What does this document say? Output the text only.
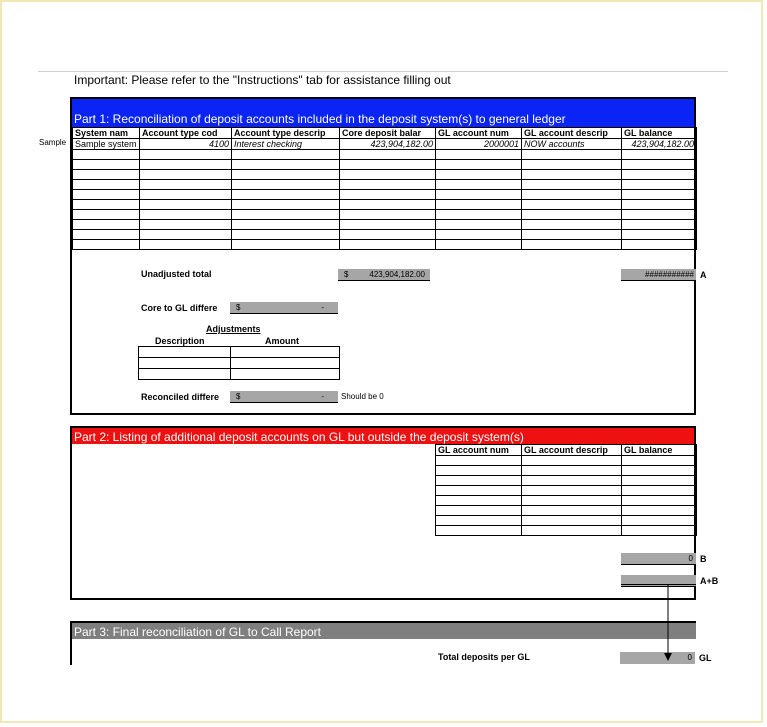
Important: Please refer to the "Instructions" tab for assistance filling out
Part 1: Reconciliation of deposit accounts included in the deposit system(s) to general ledger
System nam	Account type cod	Account type descrip	Core deposit balar	GL account num	GL account descrip	GL balance
Sample system	4100	Interest checking	423,904,182.00	2000001	NOW accounts	423,904,182.00

Unadjusted total	$	423,904,182.00	########### A
Core to GL differe $	-
Adjustments
Description	Amount

Reconciled differe $	- Should be 0
Sample
Part 2: Listing of additional deposit accounts on GL but outside the deposit system(s)
GL account num	GL account descrip	GL balance

0 B
A+B
Part 3: Final reconciliation of GL to Call Report
Total deposits per GL	0 GL
